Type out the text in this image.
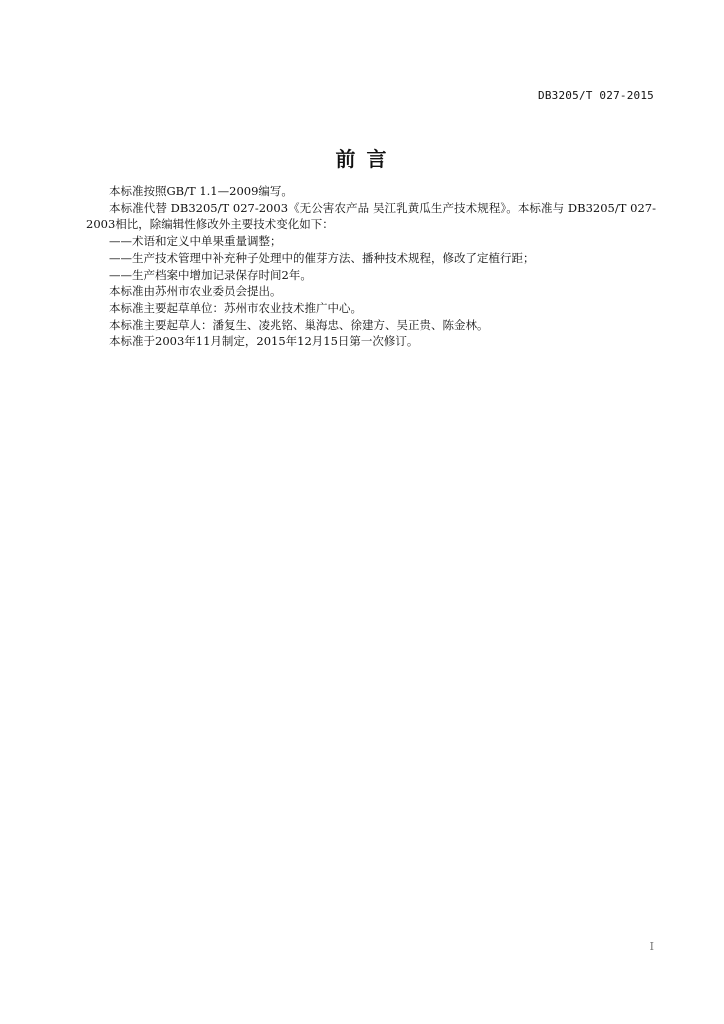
DB3205/T 027-2015
前 言

本标准按照GB/T 1.1—2009编写。

本标准代替 DB3205/T 027-2003《无公害农产品 吴江乳黄瓜生产技术规程》。本标准与 DB3205/T 027-2003相比，除编辑性修改外主要技术变化如下：

——术语和定义中单果重量调整；

——生产技术管理中补充种子处理中的催芽方法、播种技术规程，修改了定植行距；

——生产档案中增加记录保存时间2年。

本标准由苏州市农业委员会提出。

本标准主要起草单位：苏州市农业技术推广中心。

本标准主要起草人：潘复生、凌兆铭、巢海忠、徐建方、吴正贵、陈金林。

本标准于2003年11月制定，2015年12月15日第一次修订。

I
